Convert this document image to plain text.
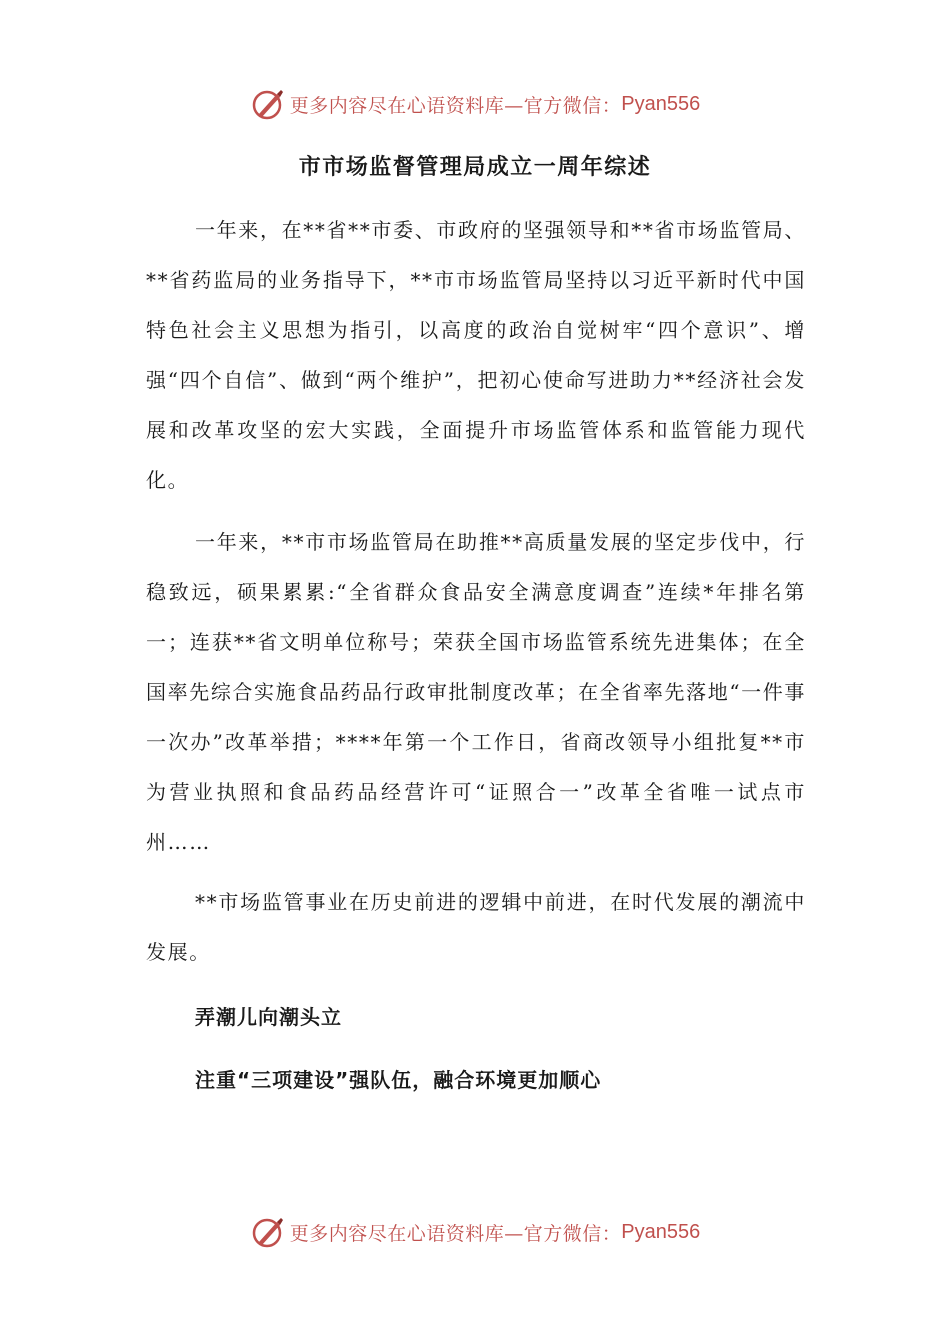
更多内容尽在心语资料库—官方微信： Pyan556
市市场监督管理局成立一周年综述

一年来，在**省**市委、市政府的坚强领导和**省市场监管局、**省药监局的业务指导下，**市市场监管局坚持以习近平新时代中国特色社会主义思想为指引，以高度的政治自觉树牢“四个意识”、增强“四个自信”、做到“两个维护”，把初心使命写进助力**经济社会发展和改革攻坚的宏大实践，全面提升市场监管体系和监管能力现代化。

一年来，**市市场监管局在助推**高质量发展的坚定步伐中，行稳致远，硕果累累:“全省群众食品安全满意度调查”连续*年排名第一；连获**省文明单位称号；荣获全国市场监管系统先进集体；在全国率先综合实施食品药品行政审批制度改革；在全省率先落地“一件事一次办”改革举措；****年第一个工作日，省商改领导小组批复**市为营业执照和食品药品经营许可“证照合一”改革全省唯一试点市州……

**市场监管事业在历史前进的逻辑中前进，在时代发展的潮流中发展。

弄潮儿向潮头立
注重“三项建设”强队伍，融合环境更加顺心
更多内容尽在心语资料库—官方微信： Pyan556
